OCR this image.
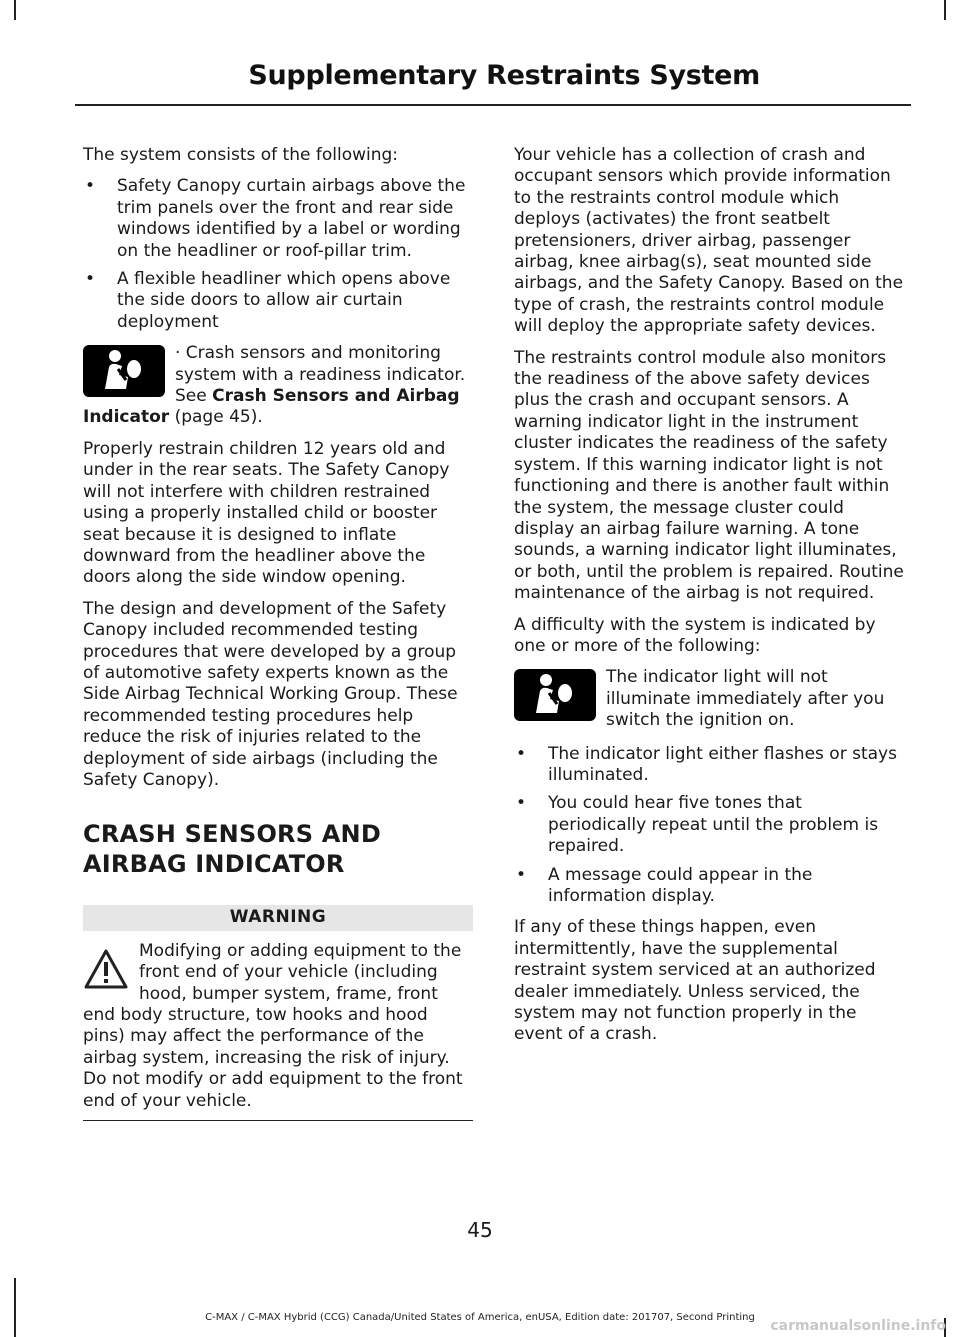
Supplementary Restraints System

The system consists of the following:

• Safety Canopy curtain airbags above the trim panels over the front and rear side windows identified by a label or wording on the headliner or roof-pillar trim.
• A flexible headliner which opens above the side doors to allow air curtain deployment
· Crash sensors and monitoring system with a readiness indicator. See Crash Sensors and Airbag Indicator (page 45).

Properly restrain children 12 years old and under in the rear seats. The Safety Canopy will not interfere with children restrained using a properly installed child or booster seat because it is designed to inflate downward from the headliner above the doors along the side window opening.

The design and development of the Safety Canopy included recommended testing procedures that were developed by a group of automotive safety experts known as the Side Airbag Technical Working Group. These recommended testing procedures help reduce the risk of injuries related to the deployment of side airbags (including the Safety Canopy).

CRASH SENSORS AND
AIRBAG INDICATOR
WARNING
Modifying or adding equipment to the front end of your vehicle (including hood, bumper system, frame, front end body structure, tow hooks and hood pins) may affect the performance of the airbag system, increasing the risk of injury. Do not modify or add equipment to the front end of your vehicle.

Your vehicle has a collection of crash and occupant sensors which provide information to the restraints control module which deploys (activates) the front seatbelt pretensioners, driver airbag, passenger airbag, knee airbag(s), seat mounted side airbags, and the Safety Canopy. Based on the type of crash, the restraints control module will deploy the appropriate safety devices.

The restraints control module also monitors the readiness of the above safety devices plus the crash and occupant sensors. A warning indicator light in the instrument cluster indicates the readiness of the safety system. If this warning indicator light is not functioning and there is another fault within the system, the message cluster could display an airbag failure warning. A tone sounds, a warning indicator light illuminates, or both, until the problem is repaired. Routine maintenance of the airbag is not required.

A difficulty with the system is indicated by one or more of the following:

The indicator light will not illuminate immediately after you switch the ignition on.
• The indicator light either flashes or stays illuminated.
• You could hear five tones that periodically repeat until the problem is repaired.
• A message could appear in the information display.

If any of these things happen, even intermittently, have the supplemental restraint system serviced at an authorized dealer immediately. Unless serviced, the system may not function properly in the event of a crash.

45
C-MAX / C-MAX Hybrid (CCG) Canada/United States of America, enUSA, Edition date: 201707, Second Printing
carmanualsonline.info
